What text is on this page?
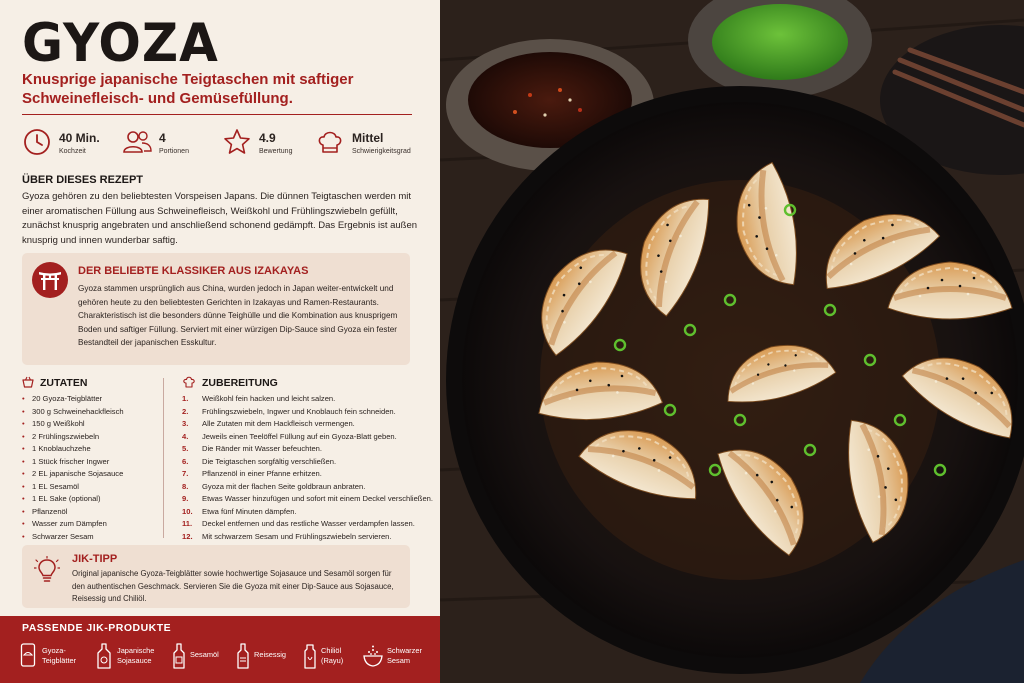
GYOZA
Knusprige japanische Teigtaschen mit saftiger Schweinefleisch- und Gemüsefüllung.
40 Min.
Kochzeit
4
Portionen
4.9
Bewertung
Mittel
Schwierigkeitsgrad
ÜBER DIESES REZEPT
Gyoza gehören zu den beliebtesten Vorspeisen Japans. Die dünnen Teigtaschen werden mit einer aromatischen Füllung aus Schweinefleisch, Weißkohl und Frühlingszwiebeln gefüllt, zunächst knusprig angebraten und anschließend schonend gedämpft. Das Ergebnis ist außen knusprig und innen wunderbar saftig.
DER BELIEBTE KLASSIKER AUS IZAKAYAS
Gyoza stammen ursprünglich aus China, wurden jedoch in Japan weiter-entwickelt und gehören heute zu den beliebtesten Gerichten in Izakayas und Ramen-Restaurants. Charakteristisch ist die besonders dünne Teighülle und die Kombination aus knusprigem Boden und saftiger Füllung. Serviert mit einer würzigen Dip-Sauce sind Gyoza ein fester Bestandteil der japanischen Esskultur.
ZUTATEN	ZUBEREITUNG
• 20 Gyoza-Teigblätter
• 300 g Schweinehackfleisch
• 150 g Weißkohl
• 2 Frühlingszwiebeln
• 1 Knoblauchzehe
• 1 Stück frischer Ingwer
• 2 EL japanische Sojasauce
• 1 EL Sesamöl
• 1 EL Sake (optional)
• Pflanzenöl
• Wasser zum Dämpfen
• Schwarzer Sesam
1. Weißkohl fein hacken und leicht salzen.
2. Frühlingszwiebeln, Ingwer und Knoblauch fein schneiden.
3. Alle Zutaten mit dem Hackfleisch vermengen.
4. Jeweils einen Teelöffel Füllung auf ein Gyoza-Blatt geben.
5. Die Ränder mit Wasser befeuchten.
6. Die Teigtaschen sorgfältig verschließen.
7. Pflanzenöl in einer Pfanne erhitzen.
8. Gyoza mit der flachen Seite goldbraun anbraten.
9. Etwas Wasser hinzufügen und sofort mit einem Deckel verschließen.
10. Etwa fünf Minuten dämpfen.
11. Deckel entfernen und das restliche Wasser verdampfen lassen.
12. Mit schwarzem Sesam und Frühlingszwiebeln servieren.
JIK-TIPP
Original japanische Gyoza-Teigblätter sowie hochwertige Sojasauce und Sesamöl sorgen für den authentischen Geschmack. Servieren Sie die Gyoza mit einer Dip-Sauce aus Sojasauce, Reisessig und Chiliöl.
PASSENDE JIK-PRODUKTE
Gyoza-
Teigblätter
Japanische
Sojasauce
Sesamöl	Reisessig	Chiliöl
(Rayu)
Schwarzer
Sesam
